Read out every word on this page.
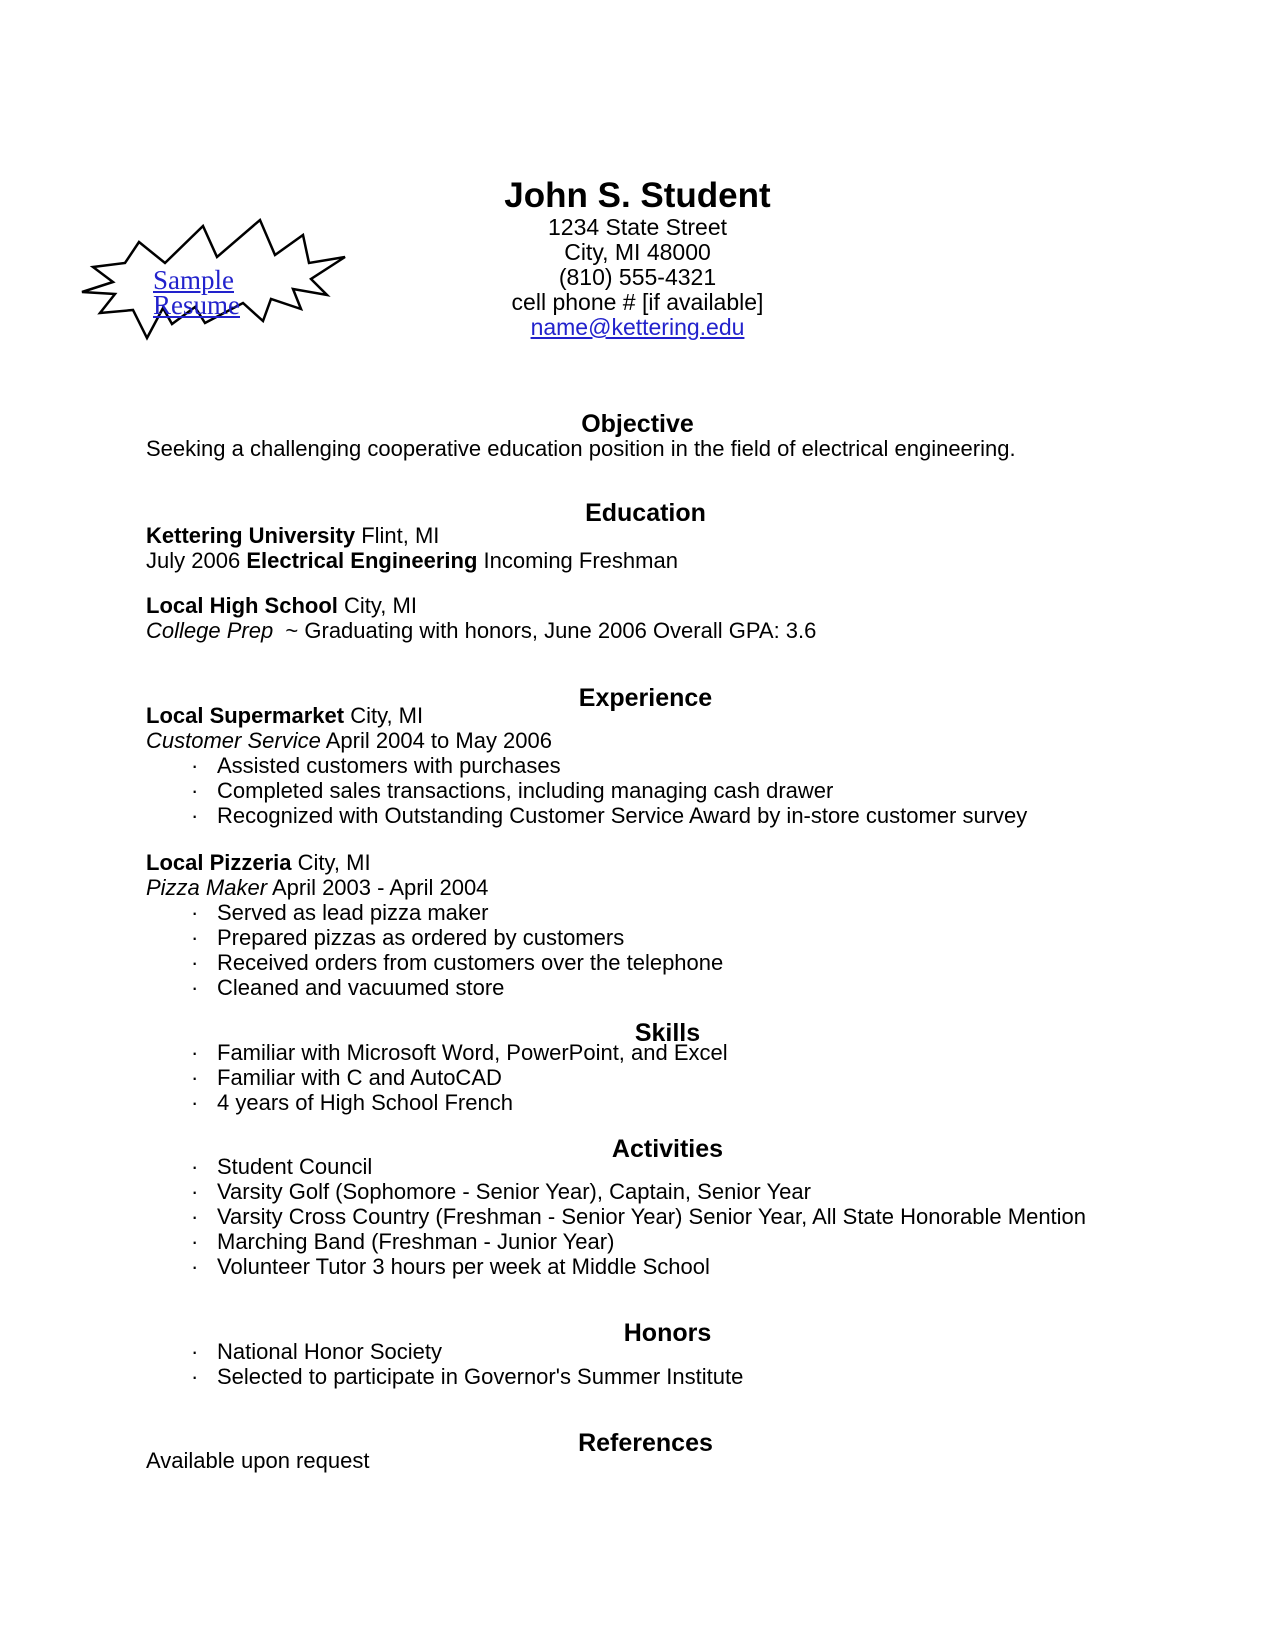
Sample
Resume
John S. Student
1234 State Street
City, MI 48000
(810) 555-4321
cell phone # [if available]
name@kettering.edu
Objective
Seeking a challenging cooperative education position in the field of electrical engineering.
Education
Kettering University Flint, MI
July 2006 Electrical Engineering Incoming Freshman
Local High School City, MI
College Prep ~ Graduating with honors, June 2006 Overall GPA: 3.6
Experience
Local Supermarket City, MI
Customer Service April 2004 to May 2006
· Assisted customers with purchases
· Completed sales transactions, including managing cash drawer
· Recognized with Outstanding Customer Service Award by in-store customer survey
Local Pizzeria City, MI
Pizza Maker April 2003 - April 2004
· Served as lead pizza maker
· Prepared pizzas as ordered by customers
· Received orders from customers over the telephone
· Cleaned and vacuumed store
Skills
· Familiar with Microsoft Word, PowerPoint, and Excel
· Familiar with C and AutoCAD
· 4 years of High School French
Activities
· Student Council
· Varsity Golf (Sophomore - Senior Year), Captain, Senior Year
· Varsity Cross Country (Freshman - Senior Year) Senior Year, All State Honorable Mention
· Marching Band (Freshman - Junior Year)
· Volunteer Tutor 3 hours per week at Middle School
Honors
· National Honor Society
· Selected to participate in Governor's Summer Institute
References
Available upon request
